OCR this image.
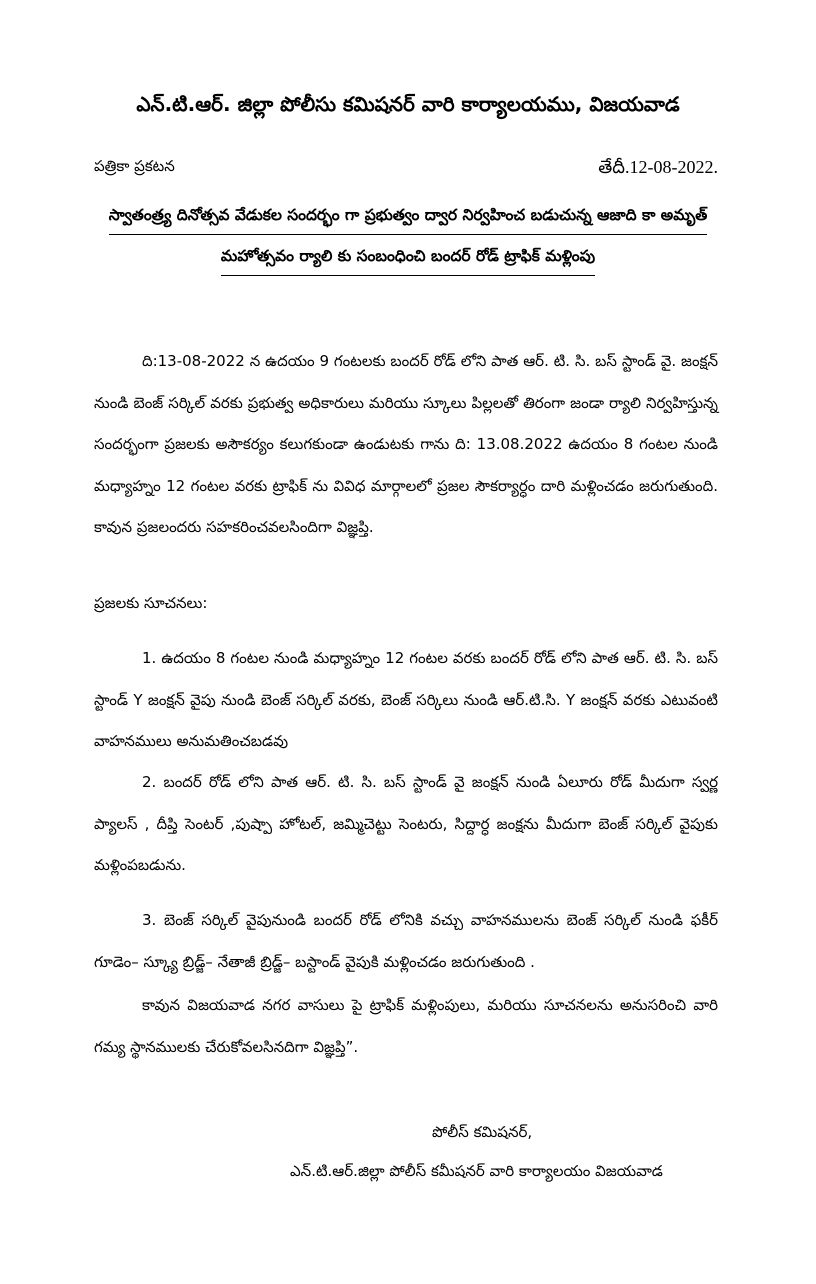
ఎన్.టి.ఆర్. జిల్లా పోలీసు కమిషనర్ వారి కార్యాలయము, విజయవాడ
పత్రికా ప్రకటన	తేదీ.12-08-2022.
స్వాతంత్ర్య దినోత్సవ వేడుకల సందర్భం గా ప్రభుత్వం ద్వార నిర్వహించ బడుచున్న ఆజాది కా అమృత్
మహోత్సవం ర్యాలి కు సంబంధించి బందర్ రోడ్ ట్రాఫిక్ మళ్లింపు

ది:13-08-2022 న ఉదయం 9 గంటలకు బందర్ రోడ్ లోని పాత ఆర్. టి. సి. బస్ స్టాండ్ వై. జంక్షన్ నుండి బెంజ్ సర్కిల్ వరకు ప్రభుత్వ అధికారులు మరియు స్కూలు పిల్లలతో తిరంగా జండా ర్యాలి నిర్వహిస్తున్న సందర్భంగా ప్రజలకు అసౌకర్యం కలుగకుండా ఉండుటకు గాను ది: 13.08.2022 ఉదయం 8 గంటల నుండి మధ్యాహ్నం 12 గంటల వరకు ట్రాఫిక్ ను వివిధ మార్గాలలో ప్రజల సౌకర్యార్ధం దారి మళ్లించడం జరుగుతుంది. కావున ప్రజలందరు సహకరించవలసిందిగా విజ్ఞప్తి.

ప్రజలకు సూచనలు:

1. ఉదయం 8 గంటల నుండి మధ్యాహ్నం 12 గంటల వరకు బందర్ రోడ్ లోని పాత ఆర్. టి. సి. బస్ స్టాండ్ Y జంక్షన్ వైపు నుండి బెంజ్ సర్కిల్ వరకు, బెంజ్ సర్కిలు నుండి ఆర్.టి.సి. Y జంక్షన్ వరకు ఎటువంటి వాహనములు అనుమతించబడవు

2. బందర్ రోడ్ లోని పాత ఆర్. టి. సి. బస్ స్టాండ్ వై జంక్షన్ నుండి ఏలూరు రోడ్ మీదుగా స్వర్ణ ప్యాలస్ , దీప్తి సెంటర్ ,పుష్పా హోటల్, జమ్మిచెట్టు సెంటరు, సిద్దార్ధ జంక్షను మీదుగా బెంజ్ సర్కిల్ వైపుకు మళ్లింపబడును.

3. బెంజ్ సర్కిల్ వైపునుండి బందర్ రోడ్ లోనికి వచ్చు వాహనములను బెంజ్ సర్కిల్ నుండి ఫకీర్ గూడెం– స్క్యూ బ్రిడ్జ్– నేతాజీ బ్రిడ్జ్– బస్టాండ్ వైపుకి మళ్లించడం జరుగుతుంది .

కావున విజయవాడ నగర వాసులు పై ట్రాఫిక్ మళ్లింపులు, మరియు సూచనలను అనుసరించి వారి గమ్య స్థానములకు చేరుకోవలసినదిగా విజ్ఞప్తి”.

పోలీస్ కమిషనర్,
ఎన్.టి.ఆర్.జిల్లా పోలీస్ కమీషనర్ వారి కార్యాలయం విజయవాడ
